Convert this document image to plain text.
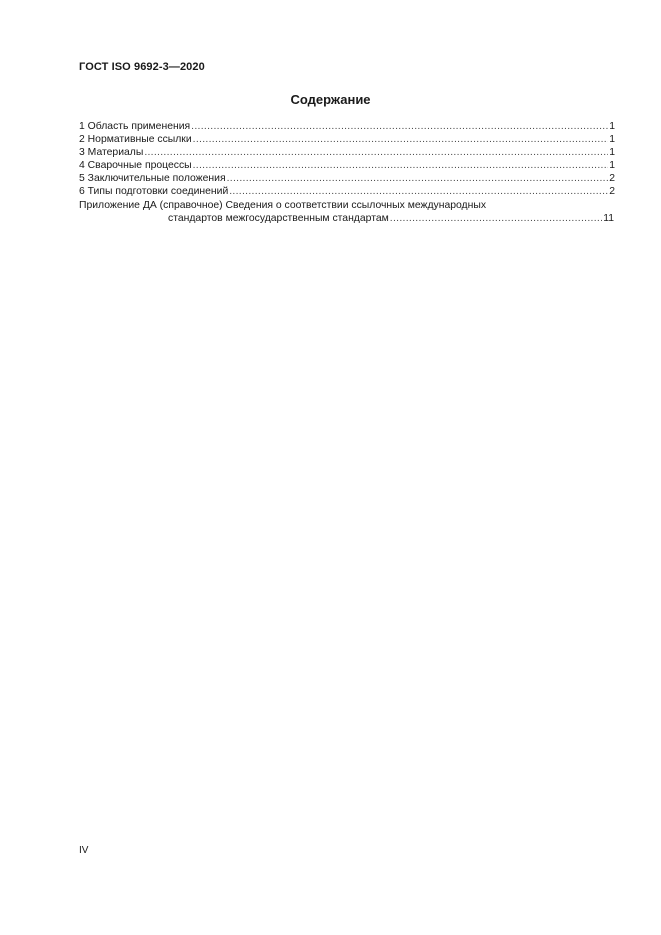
ГОСТ ISO 9692-3—2020
Содержание
1 Область применения .....	1
2 Нормативные ссылки .....	1
3 Материалы .....	1
4 Сварочные процессы .....	1
5 Заключительные положения .....	2
6 Типы подготовки соединений .....	2
Приложение ДА (справочное) Сведения о соответствии ссылочных международных
стандартов межгосударственным стандартам .....	11
IV
